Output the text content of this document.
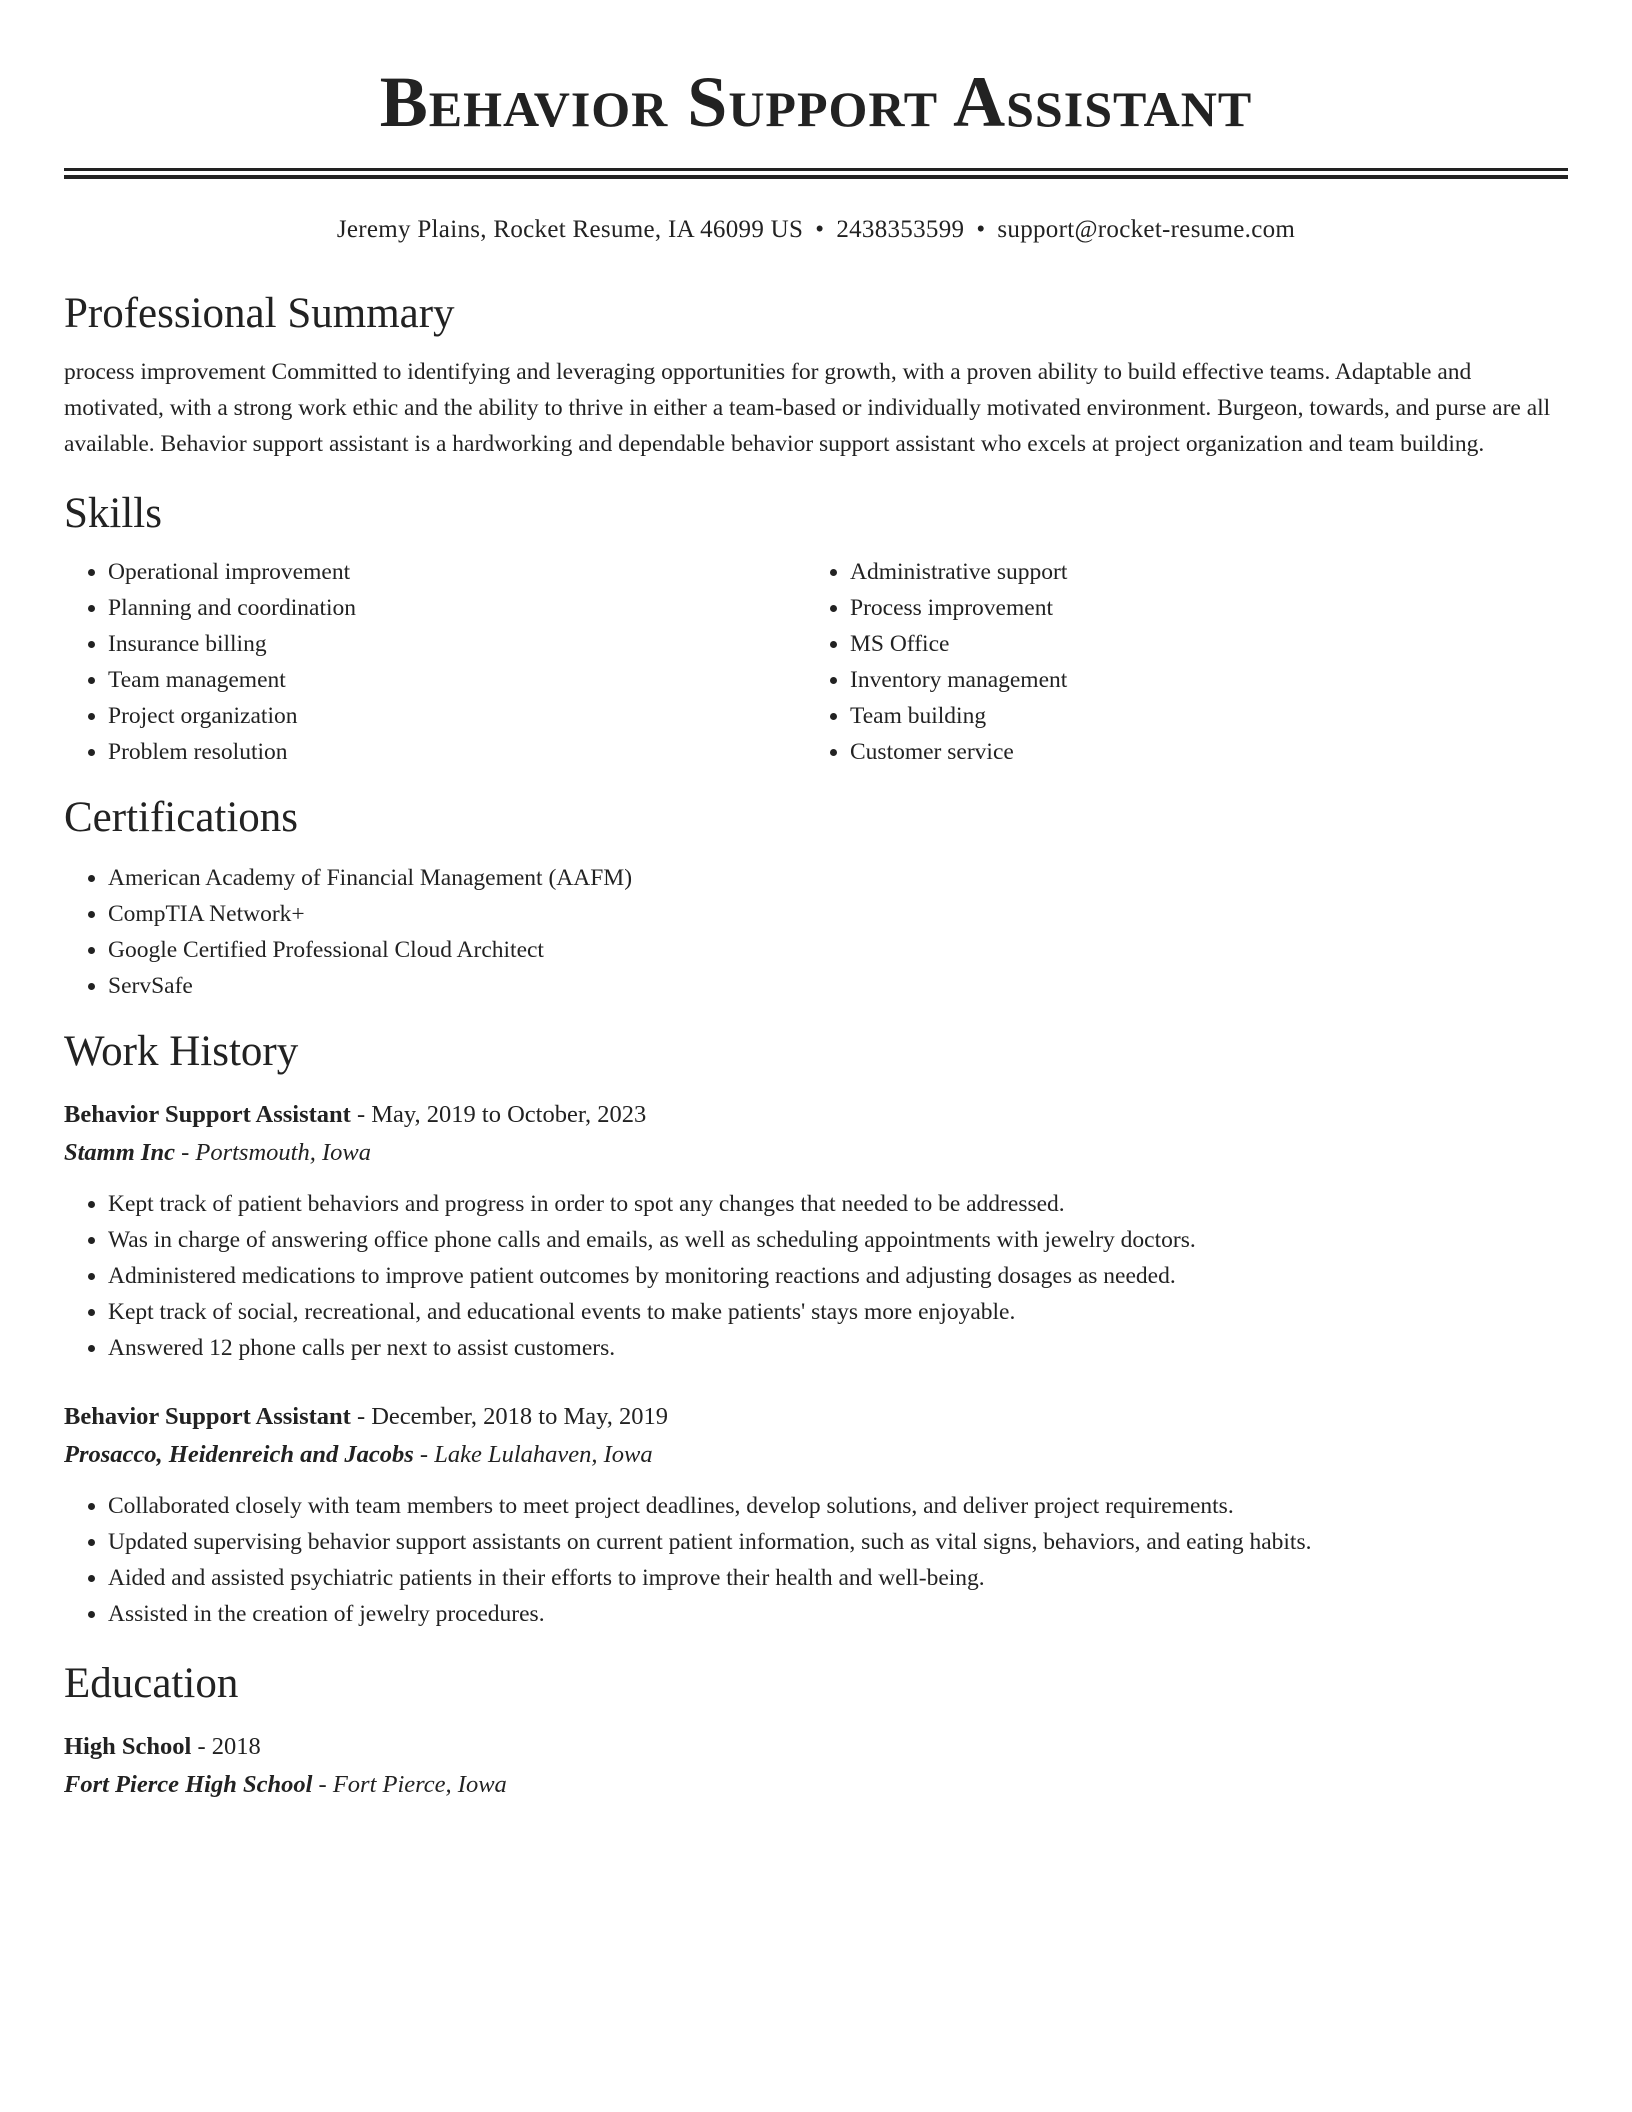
Behavior Support Assistant
Jeremy Plains, Rocket Resume, IA 46099 US • 2438353599 • support@rocket-resume.com
Professional Summary

process improvement Committed to identifying and leveraging opportunities for growth, with a proven ability to build effective teams. Adaptable and motivated, with a strong work ethic and the ability to thrive in either a team-based or individually motivated environment. Burgeon, towards, and purse are all available. Behavior support assistant is a hardworking and dependable behavior support assistant who excels at project organization and team building.

Skills
• Operational improvement
• Planning and coordination
• Insurance billing
• Team management
• Project organization
• Problem resolution
• Administrative support
• Process improvement
• MS Office
• Inventory management
• Team building
• Customer service
Certifications
• American Academy of Financial Management (AAFM)
• CompTIA Network+
• Google Certified Professional Cloud Architect
• ServSafe
Work History
Behavior Support Assistant - May, 2019 to October, 2023
Stamm Inc - Portsmouth, Iowa
• Kept track of patient behaviors and progress in order to spot any changes that needed to be addressed.
• Was in charge of answering office phone calls and emails, as well as scheduling appointments with jewelry doctors.
• Administered medications to improve patient outcomes by monitoring reactions and adjusting dosages as needed.
• Kept track of social, recreational, and educational events to make patients' stays more enjoyable.
• Answered 12 phone calls per next to assist customers.
Behavior Support Assistant - December, 2018 to May, 2019
Prosacco, Heidenreich and Jacobs - Lake Lulahaven, Iowa
• Collaborated closely with team members to meet project deadlines, develop solutions, and deliver project requirements.
• Updated supervising behavior support assistants on current patient information, such as vital signs, behaviors, and eating habits.
• Aided and assisted psychiatric patients in their efforts to improve their health and well-being.
• Assisted in the creation of jewelry procedures.
Education
High School - 2018
Fort Pierce High School - Fort Pierce, Iowa
